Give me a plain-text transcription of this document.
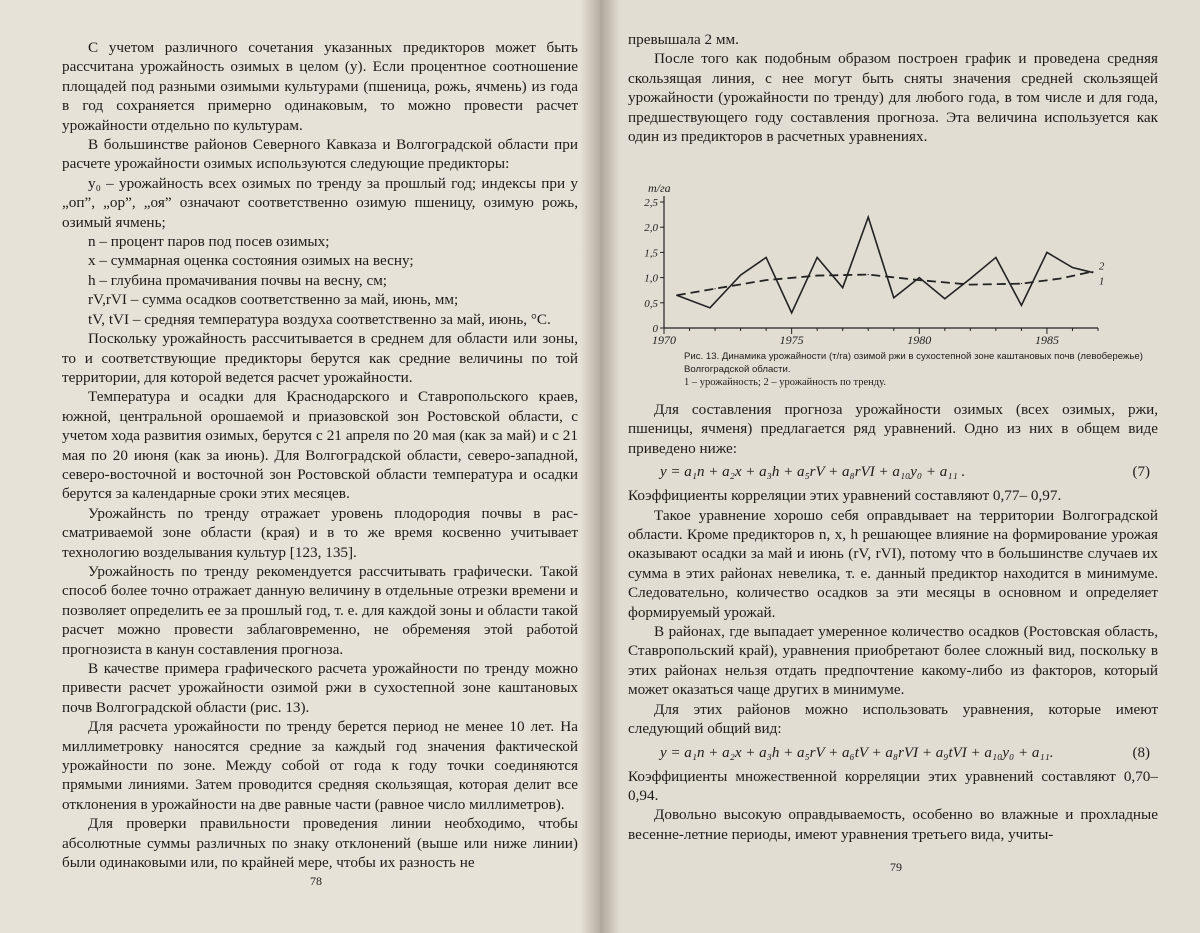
С учетом различного сочетания указанных предикторов может быть рассчитана урожайность озимых в целом (y). Если процентное соотношение площадей под разными озимыми культурами (пшеница, рожь, ячмень) из года в год сохраняется примерно одинаковым, то можно провести расчет урожайности отдельно по культурам.

В большинстве районов Северного Кавказа и Волгоградской области при расчете урожайности озимых используются следующие предикторы:

y₀ – урожайность всех озимых по тренду за прошлый год; индексы при y „оп”, „ор”, „оя” означают соответственно озимую пшеницу, озимую рожь, озимый ячмень;

n – процент паров под посев озимых;

x – суммарная оценка состояния озимых на весну;

h – глубина промачивания почвы на весну, см;

rV,rVI – сумма осадков соответственно за май, июнь, мм;

tV, tVI – средняя температура воздуха соответственно за май, июнь, °С.

Поскольку урожайность рассчитывается в среднем для области или зоны, то и соответствующие предикторы берутся как средние величины по той территории, для которой ведется расчет урожайности.

Температура и осадки для Краснодарского и Ставропольского краев, южной, центральной орошаемой и приазовской зон Ростовской области, с учетом хода развития озимых, берутся с 21 апреля по 20 мая (как за май) и с 21 мая по 20 июня (как за июнь). Для Волгоградской области, северо-западной, северо-восточной и восточной зон Ростовской области температура и осадки берутся за календарные сроки этих месяцев.

Урожайнсть по тренду отражает уровень плодородия почвы в рассматриваемой зоне области (края) и в то же время косвенно учитывает технологию возделывания культур [123, 135].

Урожайность по тренду рекомендуется рассчитывать графически. Такой способ более точно отражает данную величину в отдельные отрезки времени и позволяет определить ее за прошлый год, т. е. для каждой зоны и области такой расчет можно провести заблаговременно, не обременяя этой работой прогнозиста в канун составления прогноза.

В качестве примера графического расчета урожайности по тренду можно привести расчет урожайности озимой ржи в сухостепной зоне каштановых почв Волгоградской области (рис. 13).

Для расчета урожайности по тренду берется период не менее 10 лет. На миллиметровку наносятся средние за каждый год значения фактической урожайности по зоне. Между собой от года к году точки соединяются прямыми линиями. Затем проводится средняя скользящая, которая делит все отклонения в урожайности на две равные части (равное число миллиметров).

Для проверки правильности проведения линии необходимо, чтобы абсолютные суммы различных по знаку отклонений (выше или ниже линии) были одинаковыми или, по крайней мере, чтобы их разность не

78

превышала 2 мм.

После того как подобным образом построен график и проведена средняя скользящая линия, с нее могут быть сняты значения средней скользящей урожайности (урожайности по тренду) для любого года, в том числе и для года, предшествующего году составления прогноза. Эта величина используется как один из предикторов в расчетных уравнениях.

0
0,5
1,0
1,5
2,0
2,5
1970	1975	1980	1985
т/га
1
2
Рис. 13. Динамика урожайности (т/га) озимой ржи в сухостепной зоне каштановых почв (левобережье) Волгоградской области.
1 – урожайность; 2 – урожайность по тренду.

Для составления прогноза урожайности озимых (всех озимых, ржи, пшеницы, ячменя) предлагается ряд уравнений. Одно из них в общем виде приведено ниже:

y = a₁n + a₂x + a₃h + a₅rV + a₈rVI + a₁₀y₀ + a₁₁ .	(7)

Коэффициенты корреляции этих уравнений составляют 0,77– 0,97.

Такое уравнение хорошо себя оправдывает на территории Волгоградской области. Кроме предикторов n, x, h решающее влияние на формирование урожая оказывают осадки за май и июнь (rV, rVI), потому что в большинстве случаев их сумма в этих районах невелика, т. е. данный предиктор находится в минимуме. Следовательно, количество осадков за эти месяцы в основном и определяет формируемый урожай.

В районах, где выпадает умеренное количество осадков (Ростовская область, Ставропольский край), уравнения приобретают более сложный вид, поскольку в этих районах нельзя отдать предпочтение какому-либо из факторов, который может оказаться чаще других в минимуме.

Для этих районов можно использовать уравнения, которые имеют следующий общий вид:

y = a₁n + a₂x + a₃h + a₅rV + a₆tV + a₈rVI + a₉tVI + a₁₀y₀ + a₁₁.	(8)

Коэффициенты множественной корреляции этих уравнений составляют 0,70– 0,94.

Довольно высокую оправдываемость, особенно во влажные и прохладные весенне-летние периоды, имеют уравнения третьего вида, учиты-

79
